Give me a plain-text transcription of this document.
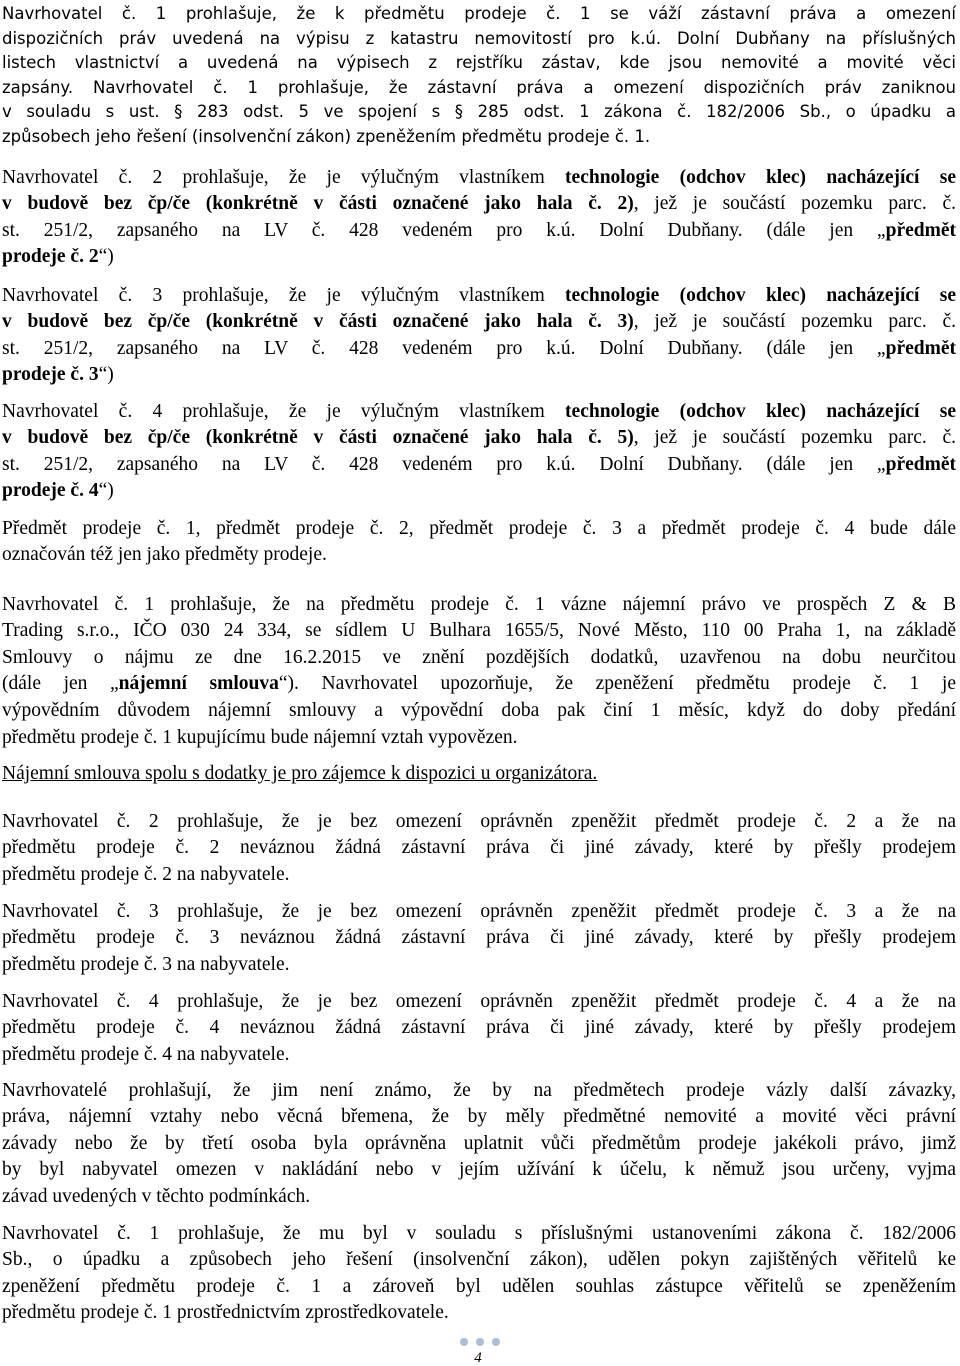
Navrhovatel č. 1 prohlašuje, že k předmětu prodeje č. 1 se váží zástavní práva a omezení
dispozičních práv uvedená na výpisu z katastru nemovitostí pro k.ú. Dolní Dubňany na příslušných
listech vlastnictví a uvedená na výpisech z rejstříku zástav, kde jsou nemovité a movité věci
zapsány. Navrhovatel č. 1 prohlašuje, že zástavní práva a omezení dispozičních práv zaniknou
v souladu s ust. § 283 odst. 5 ve spojení s § 285 odst. 1 zákona č. 182/2006 Sb., o úpadku a
způsobech jeho řešení (insolvenční zákon) zpeněžením předmětu prodeje č. 1.
Navrhovatel č. 2 prohlašuje, že je výlučným vlastníkem technologie (odchov klec) nacházející se
v budově bez čp/če (konkrétně v části označené jako hala č. 2), jež je součástí pozemku parc. č.
st. 251/2, zapsaného na LV č. 428 vedeném pro k.ú. Dolní Dubňany. (dále jen „předmět
prodeje č. 2“)
Navrhovatel č. 3 prohlašuje, že je výlučným vlastníkem technologie (odchov klec) nacházející se
v budově bez čp/če (konkrétně v části označené jako hala č. 3), jež je součástí pozemku parc. č.
st. 251/2, zapsaného na LV č. 428 vedeném pro k.ú. Dolní Dubňany. (dále jen „předmět
prodeje č. 3“)
Navrhovatel č. 4 prohlašuje, že je výlučným vlastníkem technologie (odchov klec) nacházející se
v budově bez čp/če (konkrétně v části označené jako hala č. 5), jež je součástí pozemku parc. č.
st. 251/2, zapsaného na LV č. 428 vedeném pro k.ú. Dolní Dubňany. (dále jen „předmět
prodeje č. 4“)
Předmět prodeje č. 1, předmět prodeje č. 2, předmět prodeje č. 3 a předmět prodeje č. 4 bude dále
označován též jen jako předměty prodeje.
Navrhovatel č. 1 prohlašuje, že na předmětu prodeje č. 1 vázne nájemní právo ve prospěch Z & B
Trading s.r.o., IČO 030 24 334, se sídlem U Bulhara 1655/5, Nové Město, 110 00 Praha 1, na základě
Smlouvy o nájmu ze dne 16.2.2015 ve znění pozdějších dodatků, uzavřenou na dobu neurčitou
(dále jen „nájemní smlouva“). Navrhovatel upozorňuje, že zpeněžení předmětu prodeje č. 1 je
výpovědním důvodem nájemní smlouvy a výpovědní doba pak činí 1 měsíc, když do doby předání
předmětu prodeje č. 1 kupujícímu bude nájemní vztah vypovězen.
Nájemní smlouva spolu s dodatky je pro zájemce k dispozici u organizátora.
Navrhovatel č. 2 prohlašuje, že je bez omezení oprávněn zpeněžit předmět prodeje č. 2 a že na
předmětu prodeje č. 2 neváznou žádná zástavní práva či jiné závady, které by přešly prodejem
předmětu prodeje č. 2 na nabyvatele.
Navrhovatel č. 3 prohlašuje, že je bez omezení oprávněn zpeněžit předmět prodeje č. 3 a že na
předmětu prodeje č. 3 neváznou žádná zástavní práva či jiné závady, které by přešly prodejem
předmětu prodeje č. 3 na nabyvatele.
Navrhovatel č. 4 prohlašuje, že je bez omezení oprávněn zpeněžit předmět prodeje č. 4 a že na
předmětu prodeje č. 4 neváznou žádná zástavní práva či jiné závady, které by přešly prodejem
předmětu prodeje č. 4 na nabyvatele.
Navrhovatelé prohlašují, že jim není známo, že by na předmětech prodeje vázly další závazky,
práva, nájemní vztahy nebo věcná břemena, že by měly předmětné nemovité a movité věci právní
závady nebo že by třetí osoba byla oprávněna uplatnit vůči předmětům prodeje jakékoli právo, jimž
by byl nabyvatel omezen v nakládání nebo v jejím užívání k účelu, k němuž jsou určeny, vyjma
závad uvedených v těchto podmínkách.
Navrhovatel č. 1 prohlašuje, že mu byl v souladu s příslušnými ustanoveními zákona č. 182/2006
Sb., o úpadku a způsobech jeho řešení (insolvenční zákon), udělen pokyn zajištěných věřitelů ke
zpeněžení předmětu prodeje č. 1 a zároveň byl udělen souhlas zástupce věřitelů se zpeněžením
předmětu prodeje č. 1 prostřednictvím zprostředkovatele.
4
